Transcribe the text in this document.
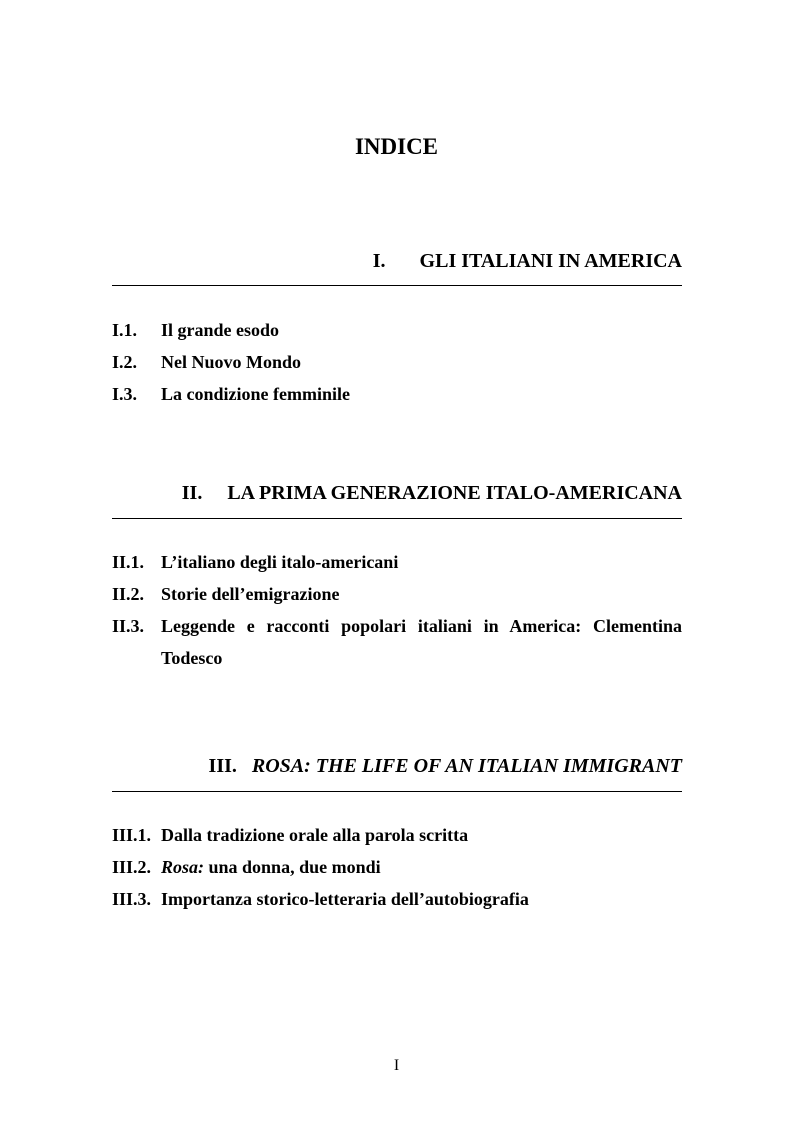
INDICE
I. GLI ITALIANI IN AMERICA
I.1. Il grande esodo
I.2. Nel Nuovo Mondo
I.3. La condizione femminile
II. LA PRIMA GENERAZIONE ITALO-AMERICANA
II.1. L’italiano degli italo-americani
II.2. Storie dell’emigrazione
II.3. Leggende e racconti popolari italiani in America: Clementina Todesco
III. ROSA: THE LIFE OF AN ITALIAN IMMIGRANT
III.1. Dalla tradizione orale alla parola scritta
III.2. Rosa: una donna, due mondi
III.3. Importanza storico-letteraria dell’autobiografia
I
